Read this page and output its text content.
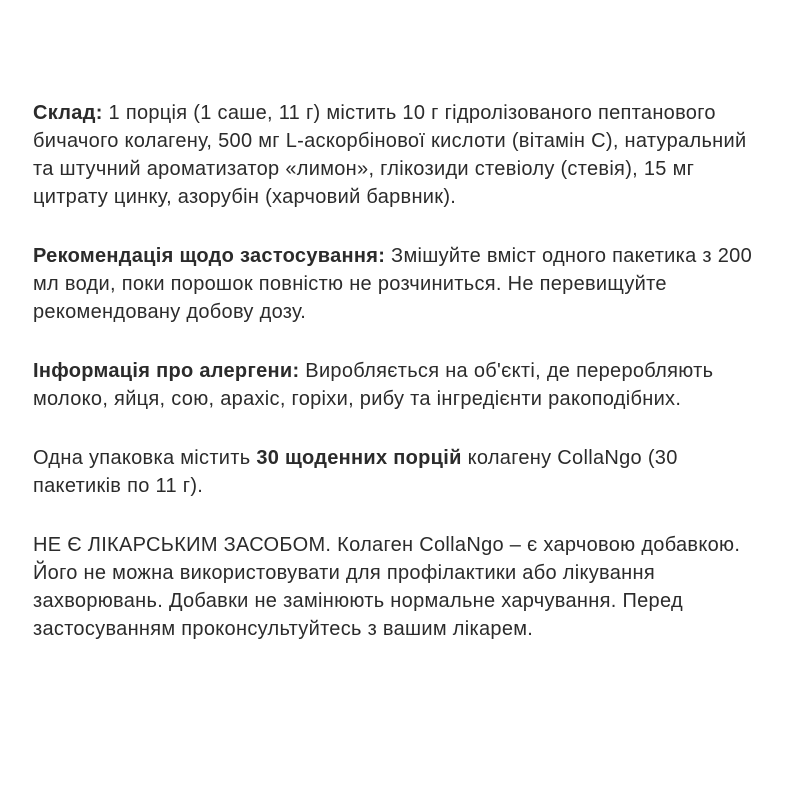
Склад: 1 порція (1 саше, 11 г) містить 10 г гідролізованого пептанового
бичачого колагену, 500 мг L-аскорбінової кислоти (вітамін С), натуральний
та штучний ароматизатор «лимон», глікозиди стевіолу (стевія), 15 мг
цитрату цинку, азорубін (харчовий барвник).

Рекомендація щодо застосування: Змішуйте вміст одного пакетика з 200
мл води, поки порошок повністю не розчиниться. Не перевищуйте
рекомендовану добову дозу.

Інформація про алергени: Виробляється на об'єкті, де переробляють
молоко, яйця, сою, арахіс, горіхи, рибу та інгредієнти ракоподібних.

Одна упаковка містить 30 щоденних порцій колагену CollaNgo (30
пакетиків по 11 г).

НЕ Є ЛІКАРСЬКИМ ЗАСОБОМ. Колаген CollaNgo – є харчовою добавкою.
Його не можна використовувати для профілактики або лікування
захворювань. Добавки не замінюють нормальне харчування. Перед
застосуванням проконсультуйтесь з вашим лікарем.
